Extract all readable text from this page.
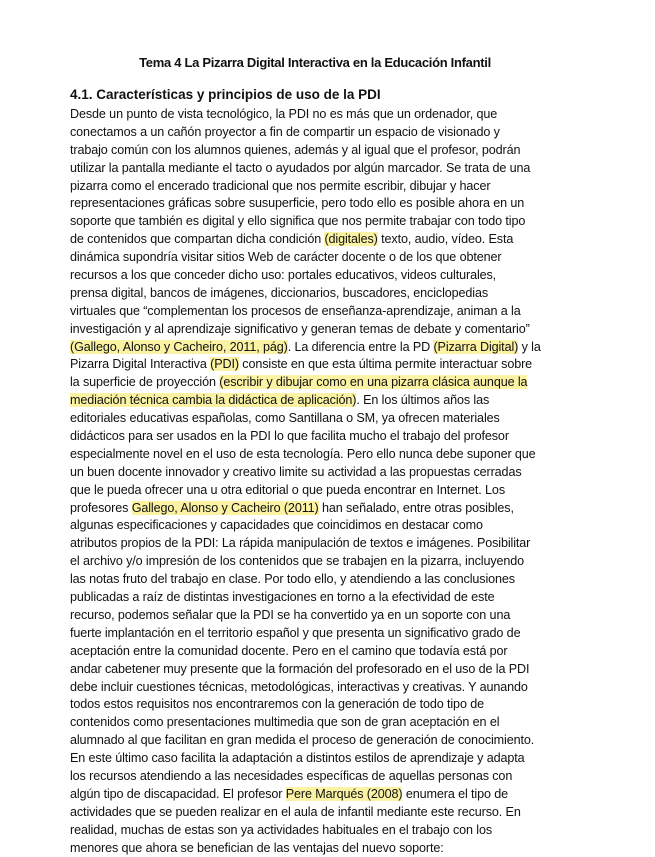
Tema 4 La Pizarra Digital Interactiva en la Educación Infantil
4.1. Características y principios de uso de la PDI
Desde un punto de vista tecnológico, la PDI no es más que un ordenador, que
conectamos a un cañón proyector a fin de compartir un espacio de visionado y
trabajo común con los alumnos quienes, además y al igual que el profesor, podrán
utilizar la pantalla mediante el tacto o ayudados por algún marcador. Se trata de una
pizarra como el encerado tradicional que nos permite escribir, dibujar y hacer
representaciones gráficas sobre susuperficie, pero todo ello es posible ahora en un
soporte que también es digital y ello significa que nos permite trabajar con todo tipo
de contenidos que compartan dicha condición (digitales) texto, audio, vídeo. Esta
dinámica supondría visitar sitios Web de carácter docente o de los que obtener
recursos a los que conceder dicho uso: portales educativos, videos culturales,
prensa digital, bancos de imágenes, diccionarios, buscadores, enciclopedias
virtuales que “complementan los procesos de enseñanza-aprendizaje, animan a la
investigación y al aprendizaje significativo y generan temas de debate y comentario”
(Gallego, Alonso y Cacheiro, 2011, pág). La diferencia entre la PD (Pizarra Digital) y la
Pizarra Digital Interactiva (PDI) consiste en que esta última permite interactuar sobre
la superficie de proyección (escribir y dibujar como en una pizarra clásica aunque la
mediación técnica cambia la didáctica de aplicación). En los últimos años las
editoriales educativas españolas, como Santillana o SM, ya ofrecen materiales
didácticos para ser usados en la PDI lo que facilita mucho el trabajo del profesor
especialmente novel en el uso de esta tecnología. Pero ello nunca debe suponer que
un buen docente innovador y creativo limite su actividad a las propuestas cerradas
que le pueda ofrecer una u otra editorial o que pueda encontrar en Internet. Los
profesores Gallego, Alonso y Cacheiro (2011) han señalado, entre otras posibles,
algunas especificaciones y capacidades que coincidimos en destacar como
atributos propios de la PDI: La rápida manipulación de textos e imágenes. Posibilitar
el archivo y/o impresión de los contenidos que se trabajen en la pizarra, incluyendo
las notas fruto del trabajo en clase. Por todo ello, y atendiendo a las conclusiones
publicadas a raíz de distintas investigaciones en torno a la efectividad de este
recurso, podemos señalar que la PDI se ha convertido ya en un soporte con una
fuerte implantación en el territorio español y que presenta un significativo grado de
aceptación entre la comunidad docente. Pero en el camino que todavía está por
andar cabetener muy presente que la formación del profesorado en el uso de la PDI
debe incluir cuestiones técnicas, metodológicas, interactivas y creativas. Y aunando
todos estos requisitos nos encontraremos con la generación de todo tipo de
contenidos como presentaciones multimedia que son de gran aceptación en el
alumnado al que facilitan en gran medida el proceso de generación de conocimiento.
En este último caso facilita la adaptación a distintos estilos de aprendizaje y adapta
los recursos atendiendo a las necesidades específicas de aquellas personas con
algún tipo de discapacidad. El profesor Pere Marqués (2008) enumera el tipo de
actividades que se pueden realizar en el aula de infantil mediante este recurso. En
realidad, muchas de estas son ya actividades habituales en el trabajo con los
menores que ahora se benefician de las ventajas del nuevo soporte:
